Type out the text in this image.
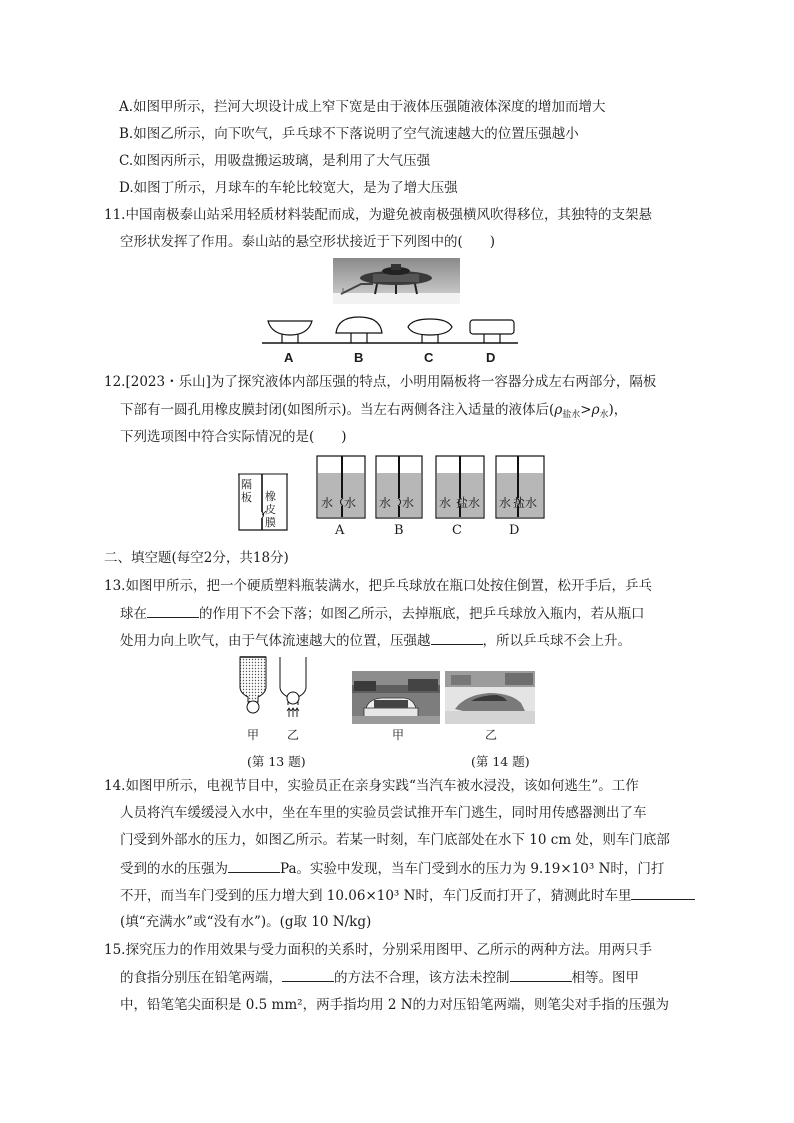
A.如图甲所示，拦河大坝设计成上窄下宽是由于液体压强随液体深度的增加而增大
B.如图乙所示，向下吹气，乒乓球不下落说明了空气流速越大的位置压强越小
C.如图丙所示，用吸盘搬运玻璃，是利用了大气压强
D.如图丁所示，月球车的车轮比较宽大，是为了增大压强
11.中国南极泰山站采用轻质材料装配而成，为避免被南极强横风吹得移位，其独特的支架悬
空形状发挥了作用。泰山站的悬空形状接近于下列图中的(　　)
A	B	C	D
12.[2023・乐山]为了探究液体内部压强的特点，小明用隔板将一容器分成左右两部分，隔板
下部有一圆孔用橡皮膜封闭(如图所示)。当左右两侧各注入适量的液体后$(\rho_{盐水}>\rho_水)$，
下列选项图中符合实际情况的是(　　)
隔板 橡皮膜
水 水 水 水 水 盐水 水 盐水
A	B	C	D
二、填空题(每空2分，共18分)
13.如图甲所示，把一个硬质塑料瓶装满水，把乒乓球放在瓶口处按住倒置，松开手后，乒乓
球在	的作用下不会下落；如图乙所示，去掉瓶底，把乒乓球放入瓶内，若从瓶口
处用力向上吹气，由于气体流速越大的位置，压强越	，所以乒乓球不会上升。
甲 乙
(第 13 题)
甲	乙
(第 14 题)
14.如图甲所示，电视节目中，实验员正在亲身实践“当汽车被水浸没，该如何逃生”。工作
人员将汽车缓缓浸入水中，坐在车里的实验员尝试推开车门逃生，同时用传感器测出了车
门受到外部水的压力，如图乙所示。若某一时刻，车门底部处在水下 10 cm 处，则车门底部
受到的水的压强为	Pa。实验中发现，当车门受到水的压力为 9.19×10³ N时，门打
不开，而当车门受到的压力增大到 10.06×10³ N时，车门反而打开了，猜测此时车里
(填“充满水”或“没有水”)。(g取 10 N/kg)
15.探究压力的作用效果与受力面积的关系时，分别采用图甲、乙所示的两种方法。用两只手
的食指分别压在铅笔两端，	的方法不合理，该方法未控制	相等。图甲
中，铅笔笔尖面积是 0.5 mm²，两手指均用 2 N的力对压铅笔两端，则笔尖对手指的压强为
